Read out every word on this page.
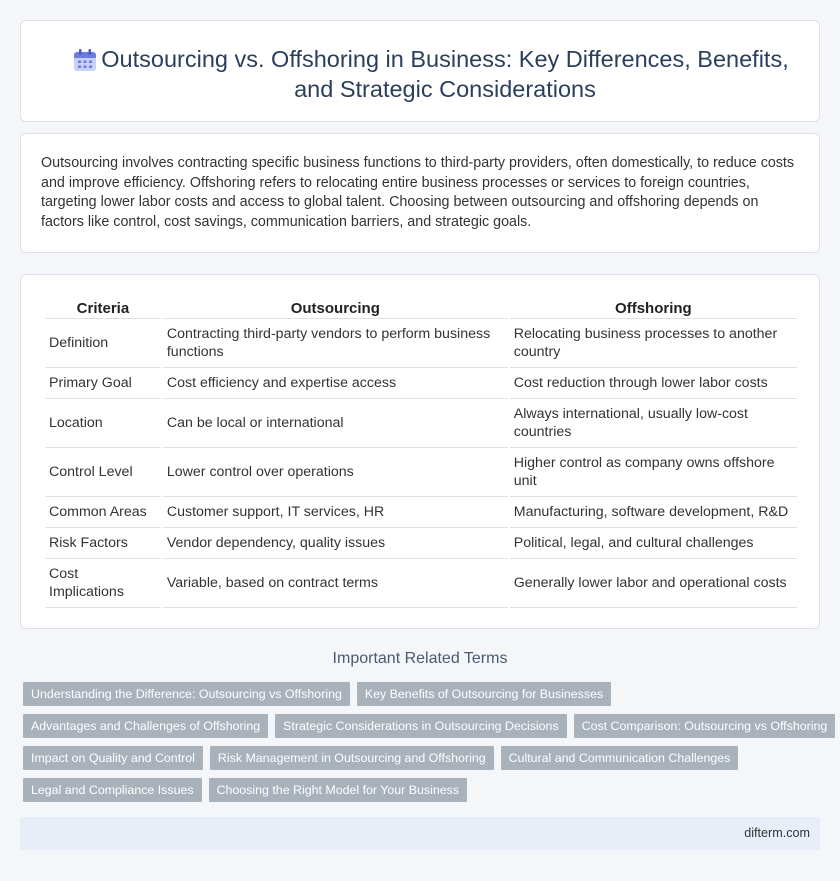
Outsourcing vs. Offshoring in Business: Key Differences, Benefits, and Strategic Considerations

Outsourcing involves contracting specific business functions to third-party providers, often domestically, to reduce costs and improve efficiency. Offshoring refers to relocating entire business processes or services to foreign countries, targeting lower labor costs and access to global talent. Choosing between outsourcing and offshoring depends on factors like control, cost savings, communication barriers, and strategic goals.

Criteria	Outsourcing	Offshoring
Definition	Contracting third-party vendors to perform business functions	Relocating business processes to another country
Primary Goal	Cost efficiency and expertise access	Cost reduction through lower labor costs
Location	Can be local or international	Always international, usually low-cost countries
Control Level	Lower control over operations	Higher control as company owns offshore unit
Common Areas	Customer support, IT services, HR	Manufacturing, software development, R&D
Risk Factors	Vendor dependency, quality issues	Political, legal, and cultural challenges
Cost Implications	Variable, based on contract terms	Generally lower labor and operational costs
Important Related Terms
Understanding the Difference: Outsourcing vs Offshoring	Key Benefits of Outsourcing for Businesses
Advantages and Challenges of Offshoring	Strategic Considerations in Outsourcing Decisions	Cost Comparison: Outsourcing vs Offshoring
Impact on Quality and Control	Risk Management in Outsourcing and Offshoring	Cultural and Communication Challenges
Legal and Compliance Issues	Choosing the Right Model for Your Business
difterm.com
